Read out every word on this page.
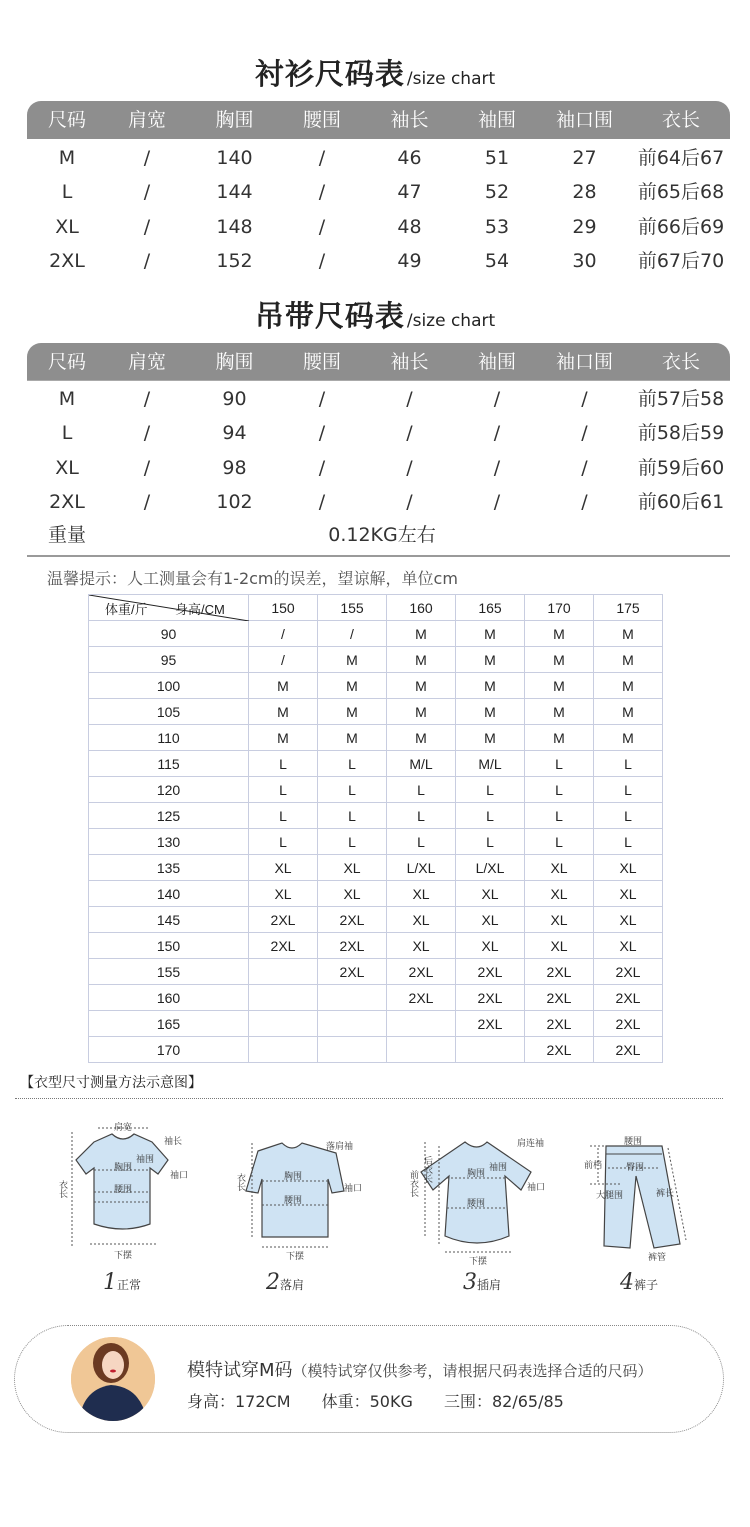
衬衫尺码表 /size chart
尺码	肩宽	胸围	腰围	袖长	袖围	袖口围	衣长
M	/	140	/	46	51	27	前64后67
L	/	144	/	47	52	28	前65后68
XL	/	148	/	48	53	29	前66后69
2XL	/	152	/	49	54	30	前67后70
吊带尺码表 /size chart
尺码	肩宽	胸围	腰围	袖长	袖围	袖口围	衣长
M	/	90	/	/	/	/	前57后58
L	/	94	/	/	/	/	前58后59
XL	/	98	/	/	/	/	前59后60
2XL	/	102	/	/	/	/	前60后61
重量	0.12KG左右
温馨提示：人工测量会有1-2cm的误差，望谅解，单位cm
体重/斤 身高/CM	150	155	160	165	170	175
90	/	/	M	M	M	M
95	/	M	M	M	M	M
100	M	M	M	M	M	M
105	M	M	M	M	M	M
110	M	M	M	M	M	M
115	L	L	M/L	M/L	L	L
120	L	L	L	L	L	L
125	L	L	L	L	L	L
130	L	L	L	L	L	L
135	XL	XL	L/XL	L/XL	XL	XL
140	XL	XL	XL	XL	XL	XL
145	2XL	2XL	XL	XL	XL	XL
150	2XL	2XL	XL	XL	XL	XL
155		2XL	2XL	2XL	2XL	2XL
160			2XL	2XL	2XL	2XL
165				2XL	2XL	2XL
170					2XL	2XL
【衣型尺寸测量方法示意图】
肩宽
袖长
袖围
袖口
胸围
腰围
衣长
下摆
1正常
落肩袖
袖口
胸围
腰围
衣长
下摆
2落肩
肩连袖
袖围
袖口
胸围
腰围
后衣长
前衣长
下摆
3插肩
腰围
臀围
前档
大腿围	裤长
裤管
4裤子
模特试穿M码（模特试穿仅供参考，请根据尺码表选择合适的尺码）
身高：172CM 体重：50KG 三围：82/65/85
